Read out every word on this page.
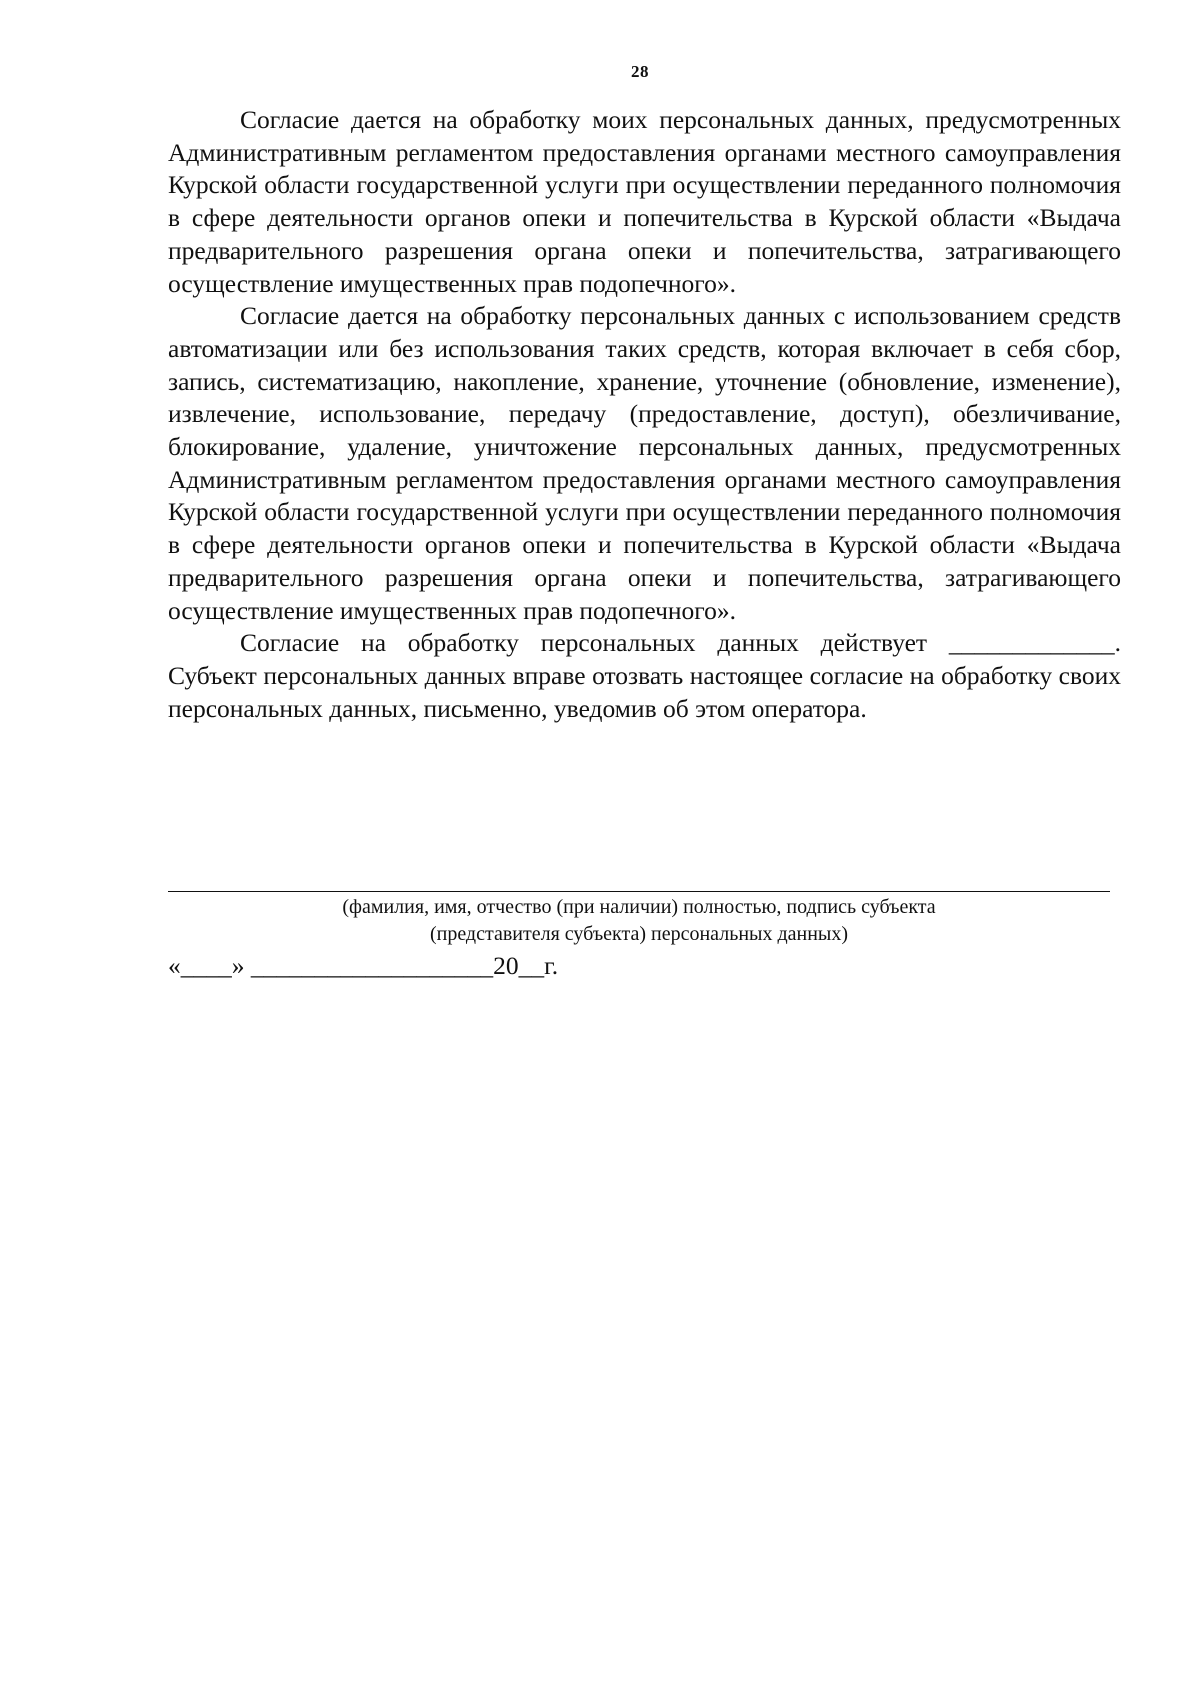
28

Согласие дается на обработку моих персональных данных, предусмотренных Административным регламентом предоставления органами местного самоуправления Курской области государственной услуги при осуществлении переданного полномочия в сфере деятельности органов опеки и попечительства в Курской области «Выдача предварительного разрешения органа опеки и попечительства, затрагивающего осуществление имущественных прав подопечного».

Согласие дается на обработку персональных данных с использованием средств автоматизации или без использования таких средств, которая включает в себя сбор, запись, систематизацию, накопление, хранение, уточнение (обновление, изменение), извлечение, использование, передачу (предоставление, доступ), обезличивание, блокирование, удаление, уничтожение персональных данных, предусмотренных Административным регламентом предоставления органами местного самоуправления Курской области государственной услуги при осуществлении переданного полномочия в сфере деятельности органов опеки и попечительства в Курской области «Выдача предварительного разрешения органа опеки и попечительства, затрагивающего осуществление имущественных прав подопечного».

Согласие на обработку персональных данных действует _____________. Субъект персональных данных вправе отозвать настоящее согласие на обработку своих персональных данных, письменно, уведомив об этом оператора.

(фамилия, имя, отчество (при наличии) полностью, подпись субъекта
(представителя субъекта) персональных данных)
«____» ___________________20__г.
